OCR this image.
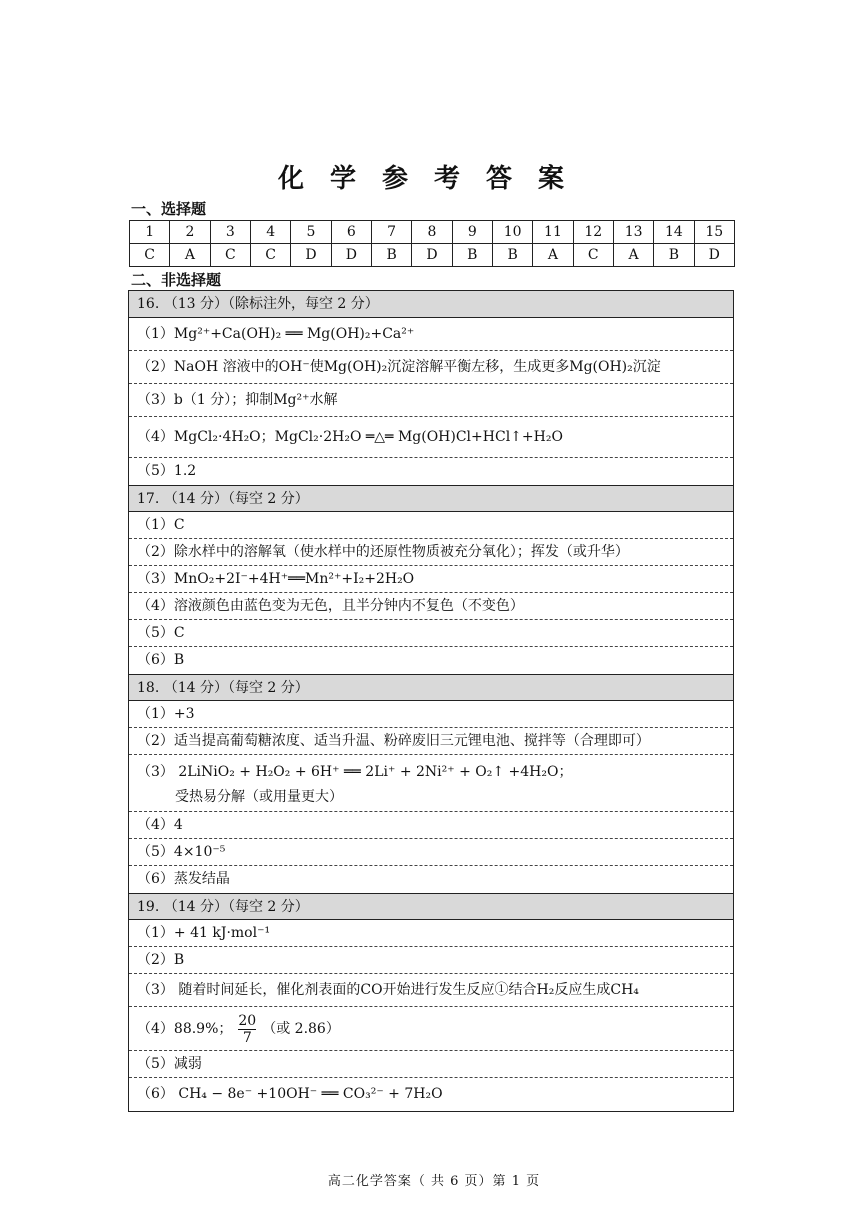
化学参考答案
一、选择题
1	2	3	4	5	6	7	8	9	10	11	12	13	14	15
C	A	C	C	D	D	B	D	B	B	A	C	A	B	D
二、非选择题
16. （13 分）（除标注外，每空 2 分）
（1）Mg²⁺+Ca(OH)₂ ══ Mg(OH)₂+Ca²⁺
（2）NaOH 溶液中的OH⁻使Mg(OH)₂沉淀溶解平衡左移，生成更多Mg(OH)₂沉淀
（3）b（1 分）；抑制Mg²⁺水解
（4）MgCl₂·4H₂O；MgCl₂·2H₂O ═△═ Mg(OH)Cl+HCl↑+H₂O
（5）1.2
17. （14 分）（每空 2 分）
（1）C
（2）除水样中的溶解氧（使水样中的还原性物质被充分氧化）；挥发（或升华）
（3）MnO₂+2I⁻+4H⁺══Mn²⁺+I₂+2H₂O
（4）溶液颜色由蓝色变为无色，且半分钟内不复色（不变色）
（5）C
（6）B
18. （14 分）（每空 2 分）
（1）+3
（2）适当提高葡萄糖浓度、适当升温、粉碎废旧三元锂电池、搅拌等（合理即可）
（3） 2LiNiO₂ + H₂O₂ + 6H⁺ ══ 2Li⁺ + 2Ni²⁺ + O₂↑ +4H₂O；
受热易分解（或用量更大）
（4）4
（5）4×10⁻⁵
（6）蒸发结晶
19. （14 分）（每空 2 分）
（1）+ 41 kJ·mol⁻¹
（2）B
（3） 随着时间延长，催化剂表面的CO开始进行发生反应①结合H₂反应生成CH₄
（4）88.9%； $\frac{20}{7}$ （或 2.86）
（5）减弱
（6） CH₄ − 8e⁻ +10OH⁻ ══ CO₃²⁻ + 7H₂O
高二化学答案（ 共 6 页）第 1 页
